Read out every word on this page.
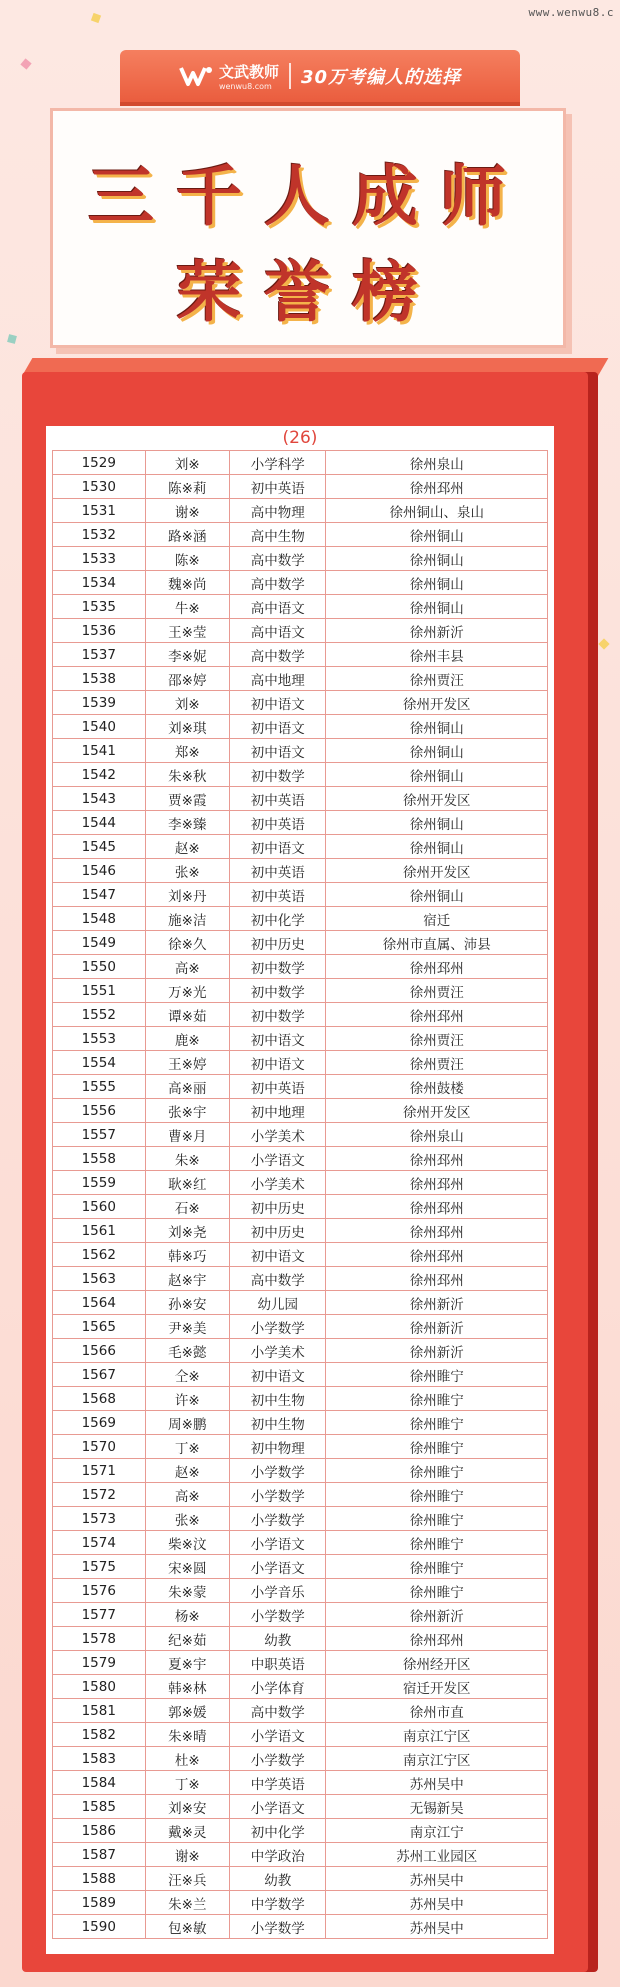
www.wenwu8.c
文武教师
wenwu8.com	30万考编人的选择
三千人成师
荣誉榜
(26)
1529	刘※	小学科学	徐州泉山
1530	陈※莉	初中英语	徐州邳州
1531	谢※	高中物理	徐州铜山、泉山
1532	路※涵	高中生物	徐州铜山
1533	陈※	高中数学	徐州铜山
1534	魏※尚	高中数学	徐州铜山
1535	牛※	高中语文	徐州铜山
1536	王※莹	高中语文	徐州新沂
1537	李※妮	高中数学	徐州丰县
1538	邵※婷	高中地理	徐州贾汪
1539	刘※	初中语文	徐州开发区
1540	刘※琪	初中语文	徐州铜山
1541	郑※	初中语文	徐州铜山
1542	朱※秋	初中数学	徐州铜山
1543	贾※霞	初中英语	徐州开发区
1544	李※臻	初中英语	徐州铜山
1545	赵※	初中语文	徐州铜山
1546	张※	初中英语	徐州开发区
1547	刘※丹	初中英语	徐州铜山
1548	施※洁	初中化学	宿迁
1549	徐※久	初中历史	徐州市直属、沛县
1550	高※	初中数学	徐州邳州
1551	万※光	初中数学	徐州贾汪
1552	谭※茹	初中数学	徐州邳州
1553	鹿※	初中语文	徐州贾汪
1554	王※婷	初中语文	徐州贾汪
1555	高※丽	初中英语	徐州鼓楼
1556	张※宇	初中地理	徐州开发区
1557	曹※月	小学美术	徐州泉山
1558	朱※	小学语文	徐州邳州
1559	耿※红	小学美术	徐州邳州
1560	石※	初中历史	徐州邳州
1561	刘※尧	初中历史	徐州邳州
1562	韩※巧	初中语文	徐州邳州
1563	赵※宇	高中数学	徐州邳州
1564	孙※安	幼儿园	徐州新沂
1565	尹※美	小学数学	徐州新沂
1566	毛※懿	小学美术	徐州新沂
1567	仝※	初中语文	徐州睢宁
1568	许※	初中生物	徐州睢宁
1569	周※鹏	初中生物	徐州睢宁
1570	丁※	初中物理	徐州睢宁
1571	赵※	小学数学	徐州睢宁
1572	高※	小学数学	徐州睢宁
1573	张※	小学数学	徐州睢宁
1574	柴※汶	小学语文	徐州睢宁
1575	宋※圆	小学语文	徐州睢宁
1576	朱※蒙	小学音乐	徐州睢宁
1577	杨※	小学数学	徐州新沂
1578	纪※茹	幼教	徐州邳州
1579	夏※宇	中职英语	徐州经开区
1580	韩※林	小学体育	宿迁开发区
1581	郭※媛	高中数学	徐州市直
1582	朱※晴	小学语文	南京江宁区
1583	杜※	小学数学	南京江宁区
1584	丁※	中学英语	苏州吴中
1585	刘※安	小学语文	无锡新吴
1586	戴※灵	初中化学	南京江宁
1587	谢※	中学政治	苏州工业园区
1588	汪※兵	幼教	苏州吴中
1589	朱※兰	中学数学	苏州吴中
1590	包※敏	小学数学	苏州吴中
